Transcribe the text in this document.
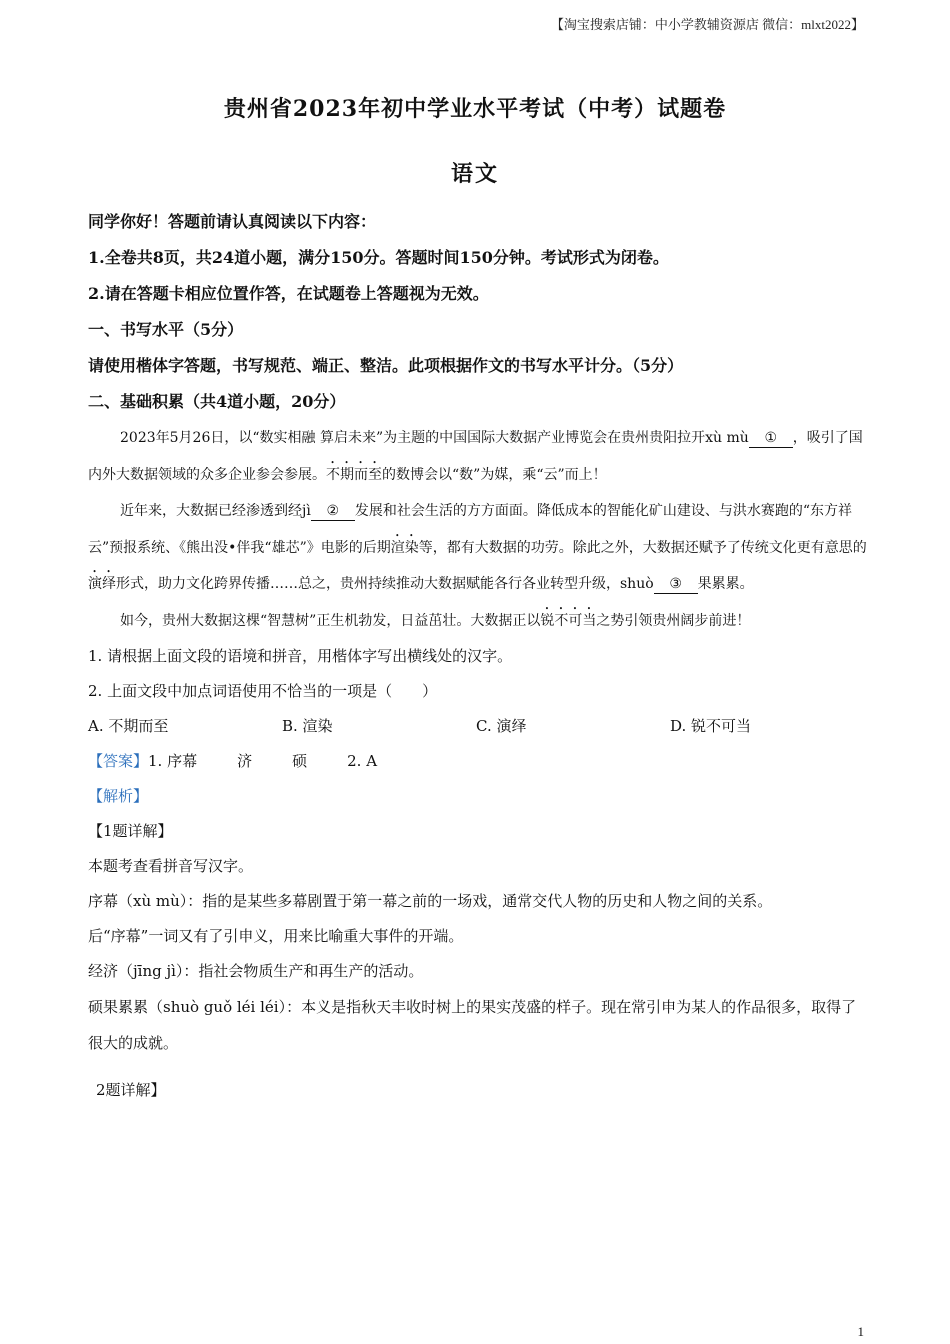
【淘宝搜索店铺：中小学教辅资源店 微信：mlxt2022】
贵州省2023年初中学业水平考试（中考）试题卷
语文
同学你好！答题前请认真阅读以下内容：
1.全卷共8页，共24道小题，满分150分。答题时间150分钟。考试形式为闭卷。
2.请在答题卡相应位置作答，在试题卷上答题视为无效。
一、书写水平（5分）
请使用楷体字答题，书写规范、端正、整洁。此项根据作文的书写水平计分。（5分）
二、基础积累（共4道小题，20分）

2023年5月26日，以“数实相融 算启未来”为主题的中国国际大数据产业博览会在贵州贵阳拉开xù mù ① ，吸引了国内外大数据领域的众多企业参会参展。不期而至的数博会以“数”为媒，乘“云”而上！

近年来，大数据已经渗透到经jì ② 发展和社会生活的方方面面。降低成本的智能化矿山建设、与洪水赛跑的“东方祥云”预报系统、《熊出没•伴我“雄芯”》电影的后期渲染等，都有大数据的功劳。除此之外，大数据还赋予了传统文化更有意思的演绎形式，助力文化跨界传播……总之，贵州持续推动大数据赋能各行各业转型升级，shuò ③ 果累累。

如今，贵州大数据这棵“智慧树”正生机勃发，日益茁壮。大数据正以锐不可当之势引领贵州阔步前进！

1. 请根据上面文段的语境和拼音，用楷体字写出横线处的汉字。

2. 上面文段中加点词语使用不恰当的一项是（　　）

A. 不期而至	B. 渲染	C. 演绎	D. 锐不可当

【答案】1. 序幕	济	硕	2. A

【解析】

【1题详解】

本题考查看拼音写汉字。

序幕（xù mù）：指的是某些多幕剧置于第一幕之前的一场戏，通常交代人物的历史和人物之间的关系。

后“序幕”一词又有了引申义，用来比喻重大事件的开端。

经济（jīng jì）：指社会物质生产和再生产的活动。

硕果累累（shuò guǒ léi léi）：本义是指秋天丰收时树上的果实茂盛的样子。现在常引申为某人的作品很多，取得了很大的成就。

2题详解】

1
